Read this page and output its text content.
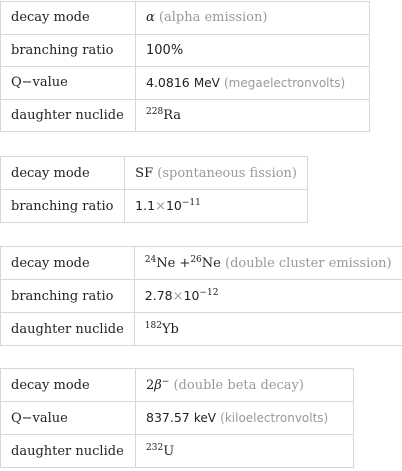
decay mode	α (alpha emission)
branching ratio	100%
Q−value	4.0816 MeV (megaelectronvolts)
daughter nuclide	$^{228}$Ra
decay mode	SF (spontaneous fission)
branching ratio	$1.1\times 10^{-11}$
decay mode	$^{24}$Ne +$^{26}$Ne (double cluster emission)
branching ratio	$2.78\times 10^{-12}$
daughter nuclide	$^{182}$Yb
decay mode	2β− (double beta decay)
Q−value	837.57 keV (kiloelectronvolts)
daughter nuclide	$^{232}$U
